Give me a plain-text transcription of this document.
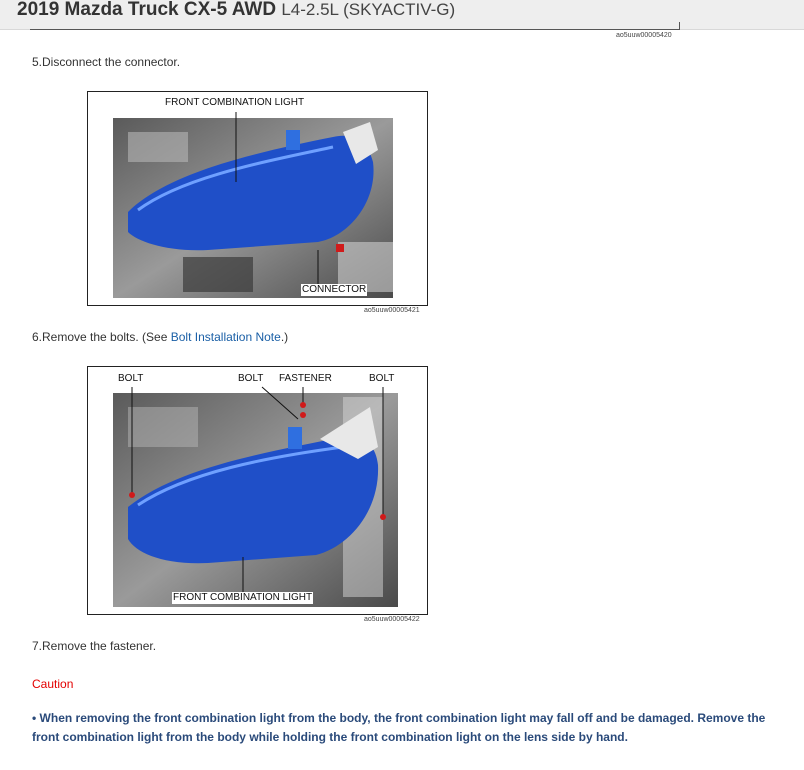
2019 Mazda Truck CX-5 AWD L4-2.5L (SKYACTIV-G)
ao5uuw00005420
5.Disconnect the connector.
FRONT COMBINATION LIGHT
CONNECTOR
ao5uuw00005421
6.Remove the bolts. (See Bolt Installation Note.)
BOLT	BOLT FASTENER	BOLT
FRONT COMBINATION LIGHT
ao5uuw00005422
7.Remove the fastener.
Caution
• When removing the front combination light from the body, the front combination light may fall off and be damaged. Remove the front combination light from the body while holding the front combination light on the lens side by hand.
